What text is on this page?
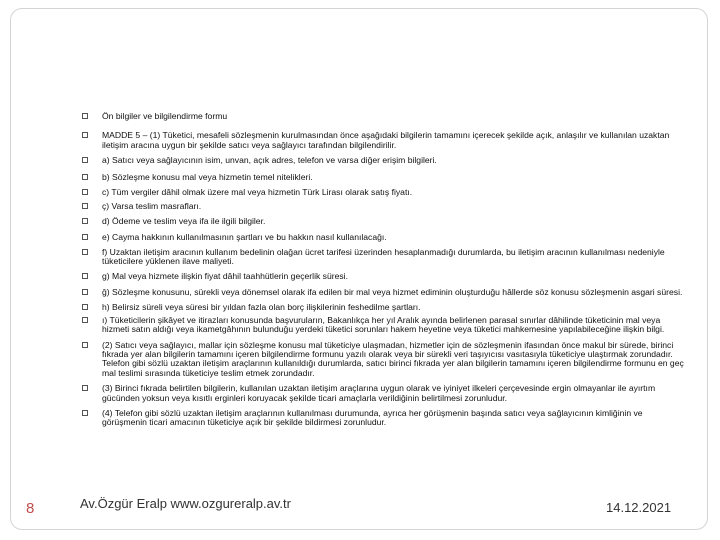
Ön bilgiler ve bilgilendirme formu
MADDE 5 – (1) Tüketici, mesafeli sözleşmenin kurulmasından önce aşağıdaki bilgilerin tamamını içerecek şekilde açık, anlaşılır ve kullanılan uzaktan iletişim aracına uygun bir şekilde satıcı veya sağlayıcı tarafından bilgilendirilir.
a) Satıcı veya sağlayıcının isim, unvan, açık adres, telefon ve varsa diğer erişim bilgileri.
b) Sözleşme konusu mal veya hizmetin temel nitelikleri.
c) Tüm vergiler dâhil olmak üzere mal veya hizmetin Türk Lirası olarak satış fiyatı.
ç) Varsa teslim masrafları.
d) Ödeme ve teslim veya ifa ile ilgili bilgiler.
e) Cayma hakkının kullanılmasının şartları ve bu hakkın nasıl kullanılacağı.
f) Uzaktan iletişim aracının kullanım bedelinin olağan ücret tarifesi üzerinden hesaplanmadığı durumlarda, bu iletişim aracının kullanılması nedeniyle tüketicilere yüklenen ilave maliyeti.
g) Mal veya hizmete ilişkin fiyat dâhil taahhütlerin geçerlik süresi.
ğ) Sözleşme konusunu, sürekli veya dönemsel olarak ifa edilen bir mal veya hizmet ediminin oluşturduğu hâllerde söz konusu sözleşmenin asgari süresi.
h) Belirsiz süreli veya süresi bir yıldan fazla olan borç ilişkilerinin feshedilme şartları.
ı) Tüketicilerin şikâyet ve itirazları konusunda başvuruların, Bakanlıkça her yıl Aralık ayında belirlenen parasal sınırlar dâhilinde tüketicinin mal veya hizmeti satın aldığı veya ikametgâhının bulunduğu yerdeki tüketici sorunları hakem heyetine veya tüketici mahkemesine yapılabileceğine ilişkin bilgi.
(2) Satıcı veya sağlayıcı, mallar için sözleşme konusu mal tüketiciye ulaşmadan, hizmetler için de sözleşmenin ifasından önce makul bir sürede, birinci fıkrada yer alan bilgilerin tamamını içeren bilgilendirme formunu yazılı olarak veya bir sürekli veri taşıyıcısı vasıtasıyla tüketiciye ulaştırmak zorundadır. Telefon gibi sözlü uzaktan iletişim araçlarının kullanıldığı durumlarda, satıcı birinci fıkrada yer alan bilgilerin tamamını içeren bilgilendirme formunu en geç mal teslimi sırasında tüketiciye teslim etmek zorundadır.
(3) Birinci fıkrada belirtilen bilgilerin, kullanılan uzaktan iletişim araçlarına uygun olarak ve iyiniyet ilkeleri çerçevesinde ergin olmayanlar ile ayırtım gücünden yoksun veya kısıtlı erginleri koruyacak şekilde ticari amaçlarla verildiğinin belirtilmesi zorunludur.
(4) Telefon gibi sözlü uzaktan iletişim araçlarının kullanılması durumunda, ayrıca her görüşmenin başında satıcı veya sağlayıcının kimliğinin ve görüşmenin ticari amacının tüketiciye açık bir şekilde bildirmesi zorunludur.
8	Av.Özgür Eralp www.ozgureralp.av.tr	14.12.2021
